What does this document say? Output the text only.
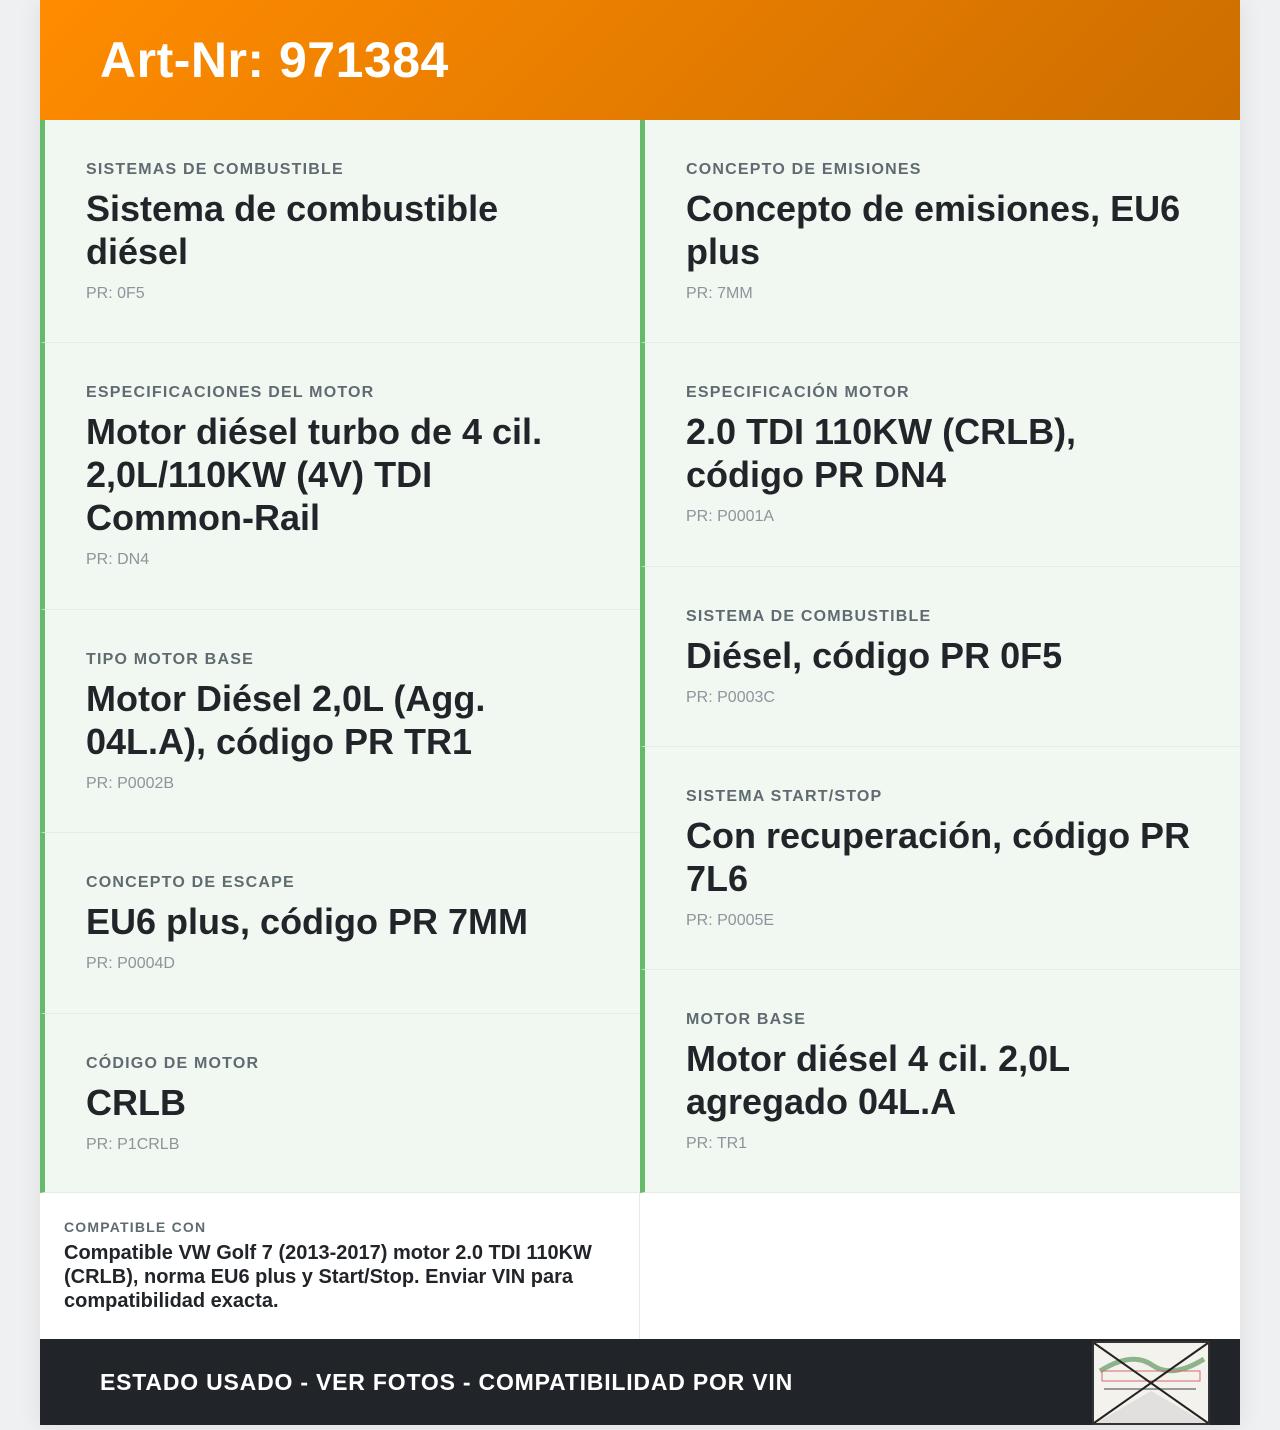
Art-Nr: 971384
SISTEMAS DE COMBUSTIBLE
Sistema de combustible diésel
PR: 0F5
ESPECIFICACIONES DEL MOTOR
Motor diésel turbo de 4 cil. 2,0L/110KW (4V) TDI Common-Rail
PR: DN4
TIPO MOTOR BASE
Motor Diésel 2,0L (Agg. 04L.A), código PR TR1
PR: P0002B
CONCEPTO DE ESCAPE
EU6 plus, código PR 7MM
PR: P0004D
CÓDIGO DE MOTOR
CRLB
PR: P1CRLB
CONCEPTO DE EMISIONES
Concepto de emisiones, EU6 plus
PR: 7MM
ESPECIFICACIÓN MOTOR
2.0 TDI 110KW (CRLB), código PR DN4
PR: P0001A
SISTEMA DE COMBUSTIBLE
Diésel, código PR 0F5
PR: P0003C
SISTEMA START/STOP
Con recuperación, código PR 7L6
PR: P0005E
MOTOR BASE
Motor diésel 4 cil. 2,0L agregado 04L.A
PR: TR1
COMPATIBLE CON
Compatible VW Golf 7 (2013-2017) motor 2.0 TDI 110KW (CRLB), norma EU6 plus y Start/Stop. Enviar VIN para compatibilidad exacta.
ESTADO USADO - VER FOTOS - COMPATIBILIDAD POR VIN
